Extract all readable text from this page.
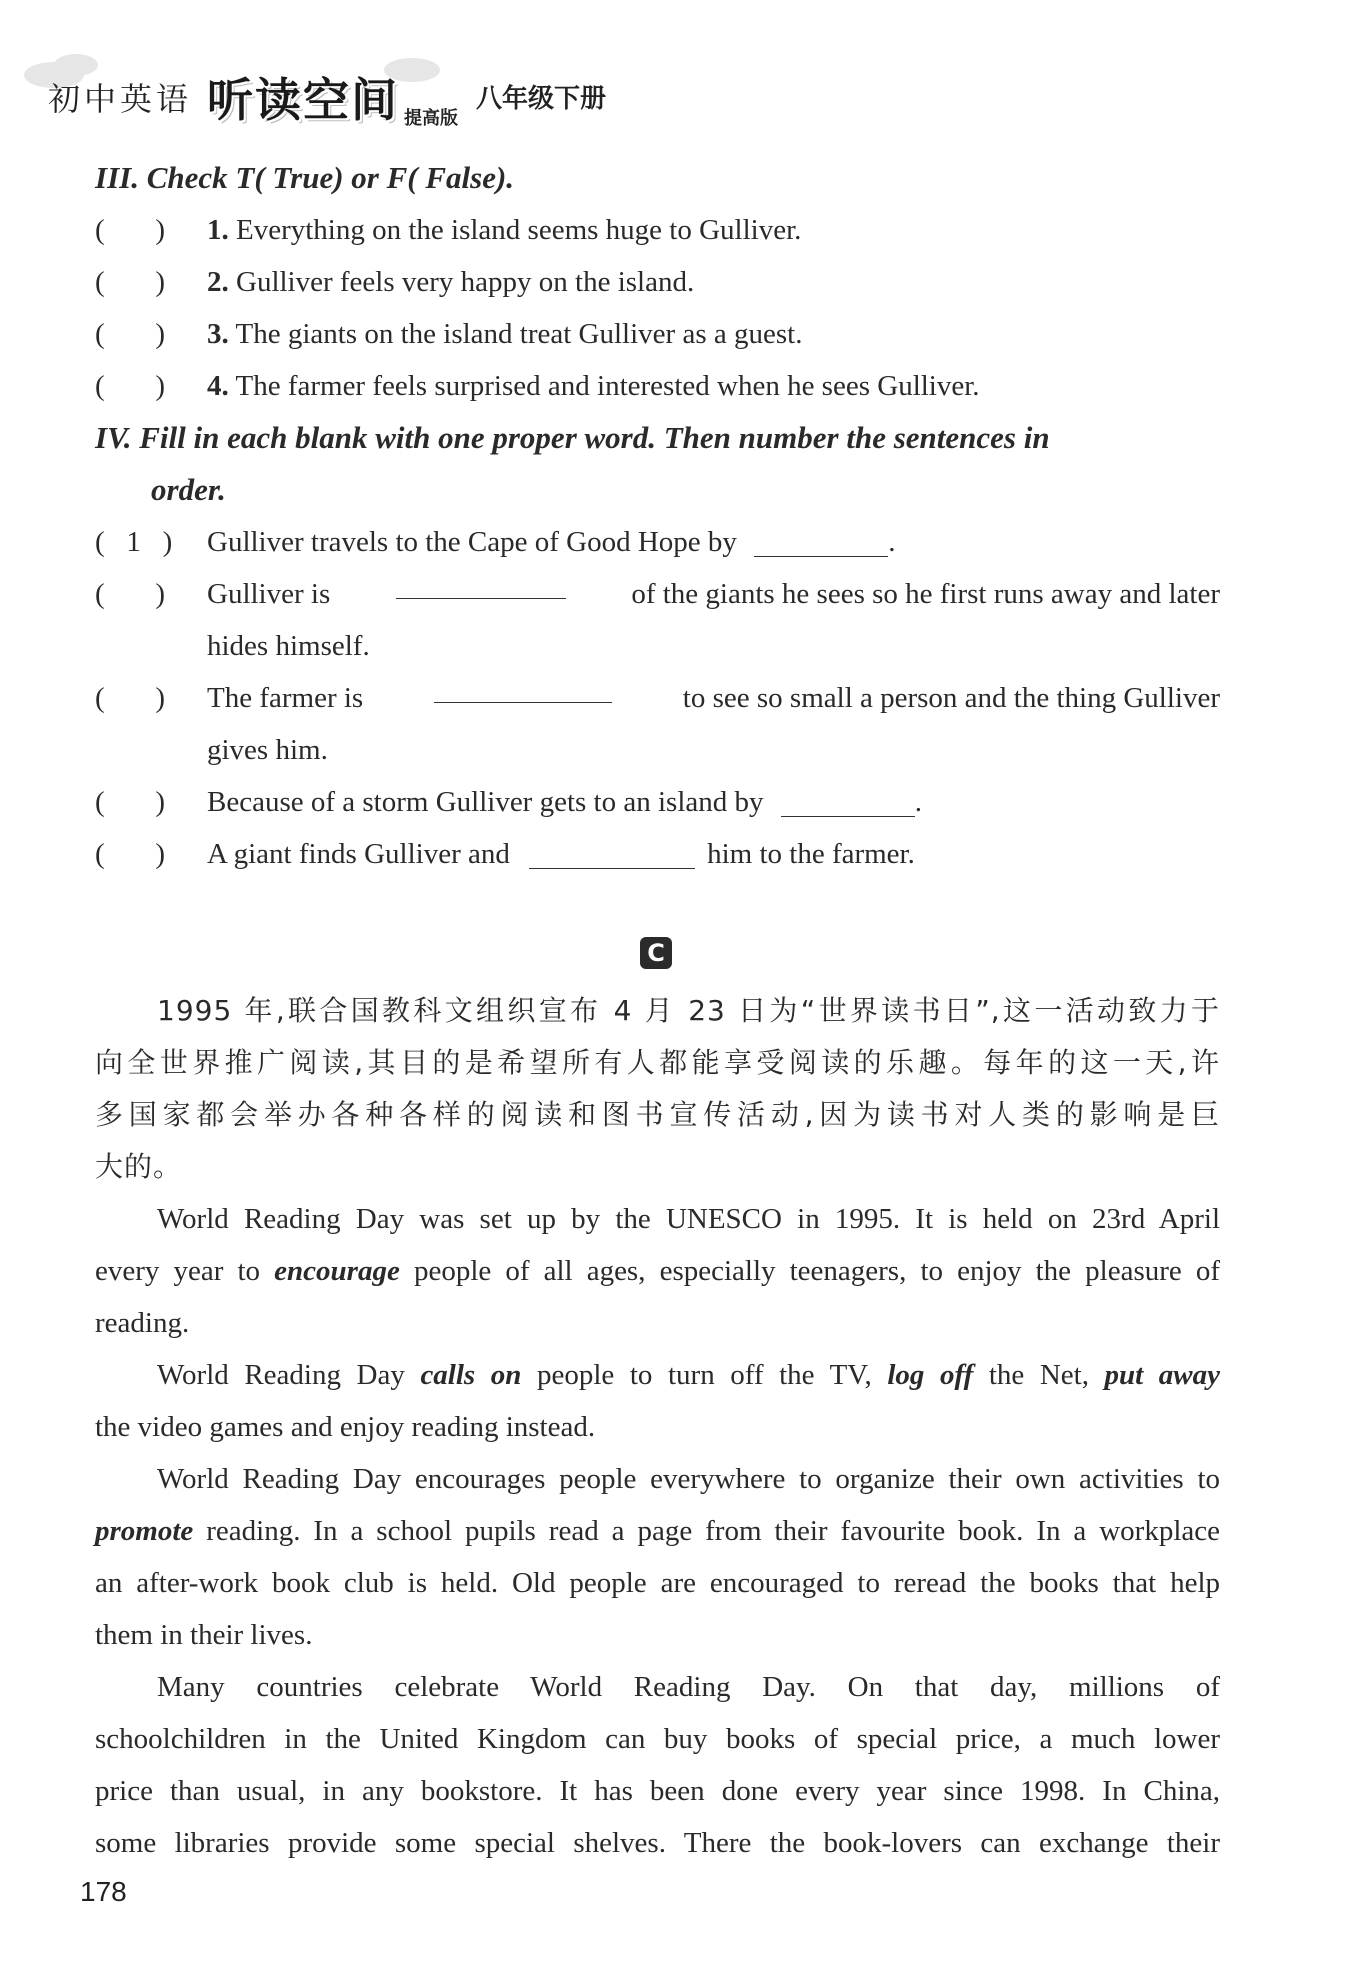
初中英语 听读空间 提高版
八年级下册
III. Check T( True) or F( False).
(       ) 1. Everything on the island seems huge to Gulliver.
(       ) 2. Gulliver feels very happy on the island.
(       ) 3. The giants on the island treat Gulliver as a guest.
(       ) 4. The farmer feels surprised and interested when he sees Gulliver.
IV. Fill in each blank with one proper word. Then number the sentences in
order.
(   1   ) Gulliver travels to the Cape of Good Hope by	.
(       ) Gulliver is	of the giants he sees so he first runs away and later
hides himself.
(       ) The farmer is	to see so small a person and the thing Gulliver
gives him.
(       ) Because of a storm Gulliver gets to an island by	.
(       ) A giant finds Gulliver and	him to the farmer.
C
1995 年,联合国教科文组织宣布 4 月 23 日为“世界读书日”,这一活动致力于
向全世界推广阅读,其目的是希望所有人都能享受阅读的乐趣。每年的这一天,许
多国家都会举办各种各样的阅读和图书宣传活动,因为读书对人类的影响是巨
大的。
World Reading Day was set up by the UNESCO in 1995. It is held on 23rd April
every year to encourage people of all ages, especially teenagers, to enjoy the pleasure of
reading.
World Reading Day calls on people to turn off the TV, log off the Net, put away
the video games and enjoy reading instead.
World Reading Day encourages people everywhere to organize their own activities to
promote reading. In a school pupils read a page from their favourite book. In a workplace
an after-work book club is held. Old people are encouraged to reread the books that help
them in their lives.
Many countries celebrate World Reading Day. On that day, millions of
schoolchildren in the United Kingdom can buy books of special price, a much lower
price than usual, in any bookstore. It has been done every year since 1998. In China,
some libraries provide some special shelves. There the book-lovers can exchange their
178
